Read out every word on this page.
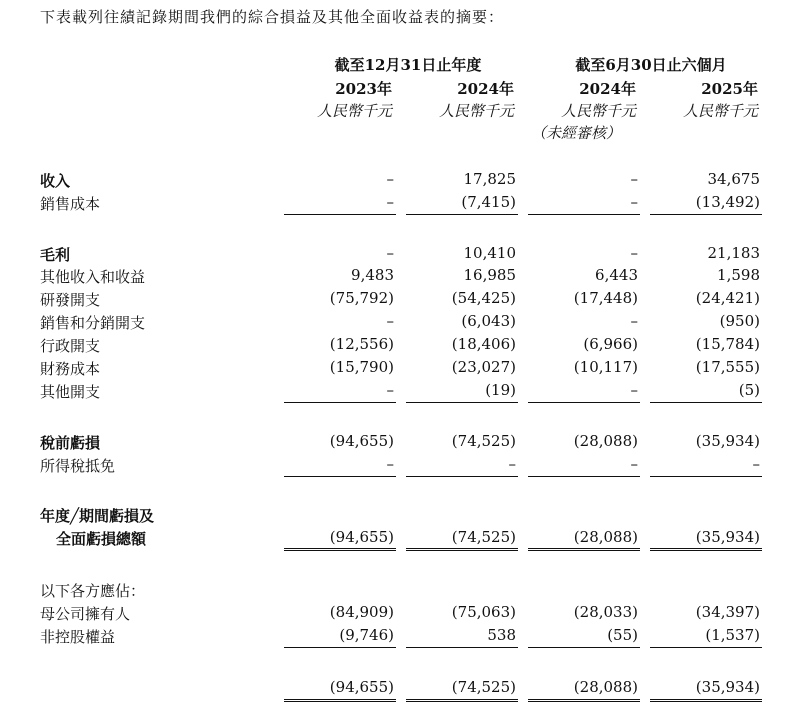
下表載列往績記錄期間我們的綜合損益及其他全面收益表的摘要：
截至12月31日止年度	截至6月30日止六個月
2023年	2024年	2024年	2025年
人民幣千元	人民幣千元	人民幣千元	人民幣千元
（未經審核）
收入	–	17,825	–	34,675
銷售成本	–	(7,415)	–	(13,492)
毛利	–	10,410	–	21,183
其他收入和收益	9,483	16,985	6,443	1,598
研發開支	(75,792)	(54,425)	(17,448)	(24,421)
銷售和分銷開支	–	(6,043)	–	(950)
行政開支	(12,556)	(18,406)	(6,966)	(15,784)
財務成本	(15,790)	(23,027)	(10,117)	(17,555)
其他開支	–	(19)	–	(5)
稅前虧損	(94,655)	(74,525)	(28,088)	(35,934)
所得稅抵免	–	–	–	–
年度╱期間虧損及
全面虧損總額	(94,655)	(74,525)	(28,088)	(35,934)
以下各方應佔：
母公司擁有人	(84,909)	(75,063)	(28,033)	(34,397)
非控股權益	(9,746)	538	(55)	(1,537)
(94,655)	(74,525)	(28,088)	(35,934)
